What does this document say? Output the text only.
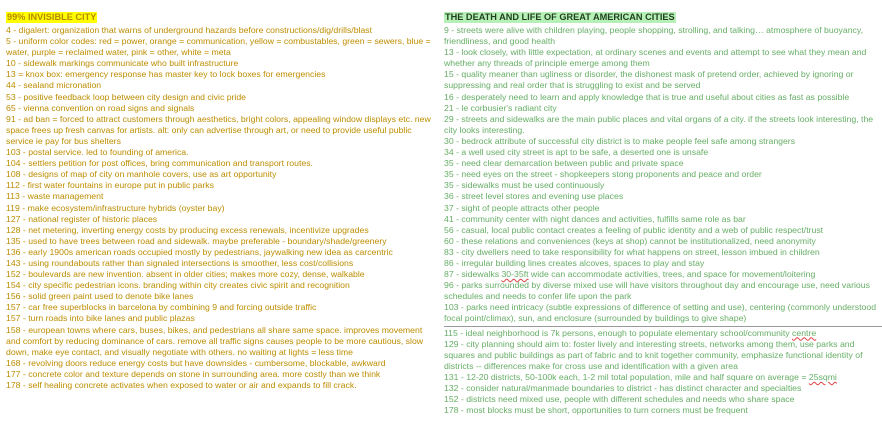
99% INVISIBLE CITY
4 - digalert: organization that warns of underground hazards before constructions/dig/drills/blast
5 - uniform color codes: red = power, orange = communication, yellow = combustables, green = sewers, blue = water, purple = reclaimed water, pink = other, white = meta
10 - sidewalk markings communicate who built infrastructure
13 = knox box: emergency response has master key to lock boxes for emergencies
44 - sealand micronation
53 - positive feedback loop between city design and civic pride
65 - vienna convention on road signs and signals
91 - ad ban = forced to attract customers through aesthetics, bright colors, appealing window displays etc. new space frees up fresh canvas for artists. alt: only can advertise through art, or need to provide useful public service ie pay for bus shelters
103 - postal service. led to founding of america.
104 - settlers petition for post offices, bring communication and transport routes.
108 - designs of map of city on manhole covers, use as art opportunity
112 - first water fountains in europe put in public parks
113 - waste management
119 - make ecosystem/infrastructure hybrids (oyster bay)
127 - national register of historic places
128 - net metering, inverting energy costs by producing excess renewals, incentivize upgrades
135 - used to have trees between road and sidewalk. maybe preferable - boundary/shade/greenery
136 - early 1900s american roads occupied mostly by pedestrians, jaywalking new idea as carcentric
143 - using roundabouts rather than signaled intersections is smoother, less cost/collisions
152 - boulevards are new invention. absent in older cities; makes more cozy, dense, walkable
154 - city specific pedestrian icons. branding within city creates civic spirit and recognition
156 - solid green paint used to denote bike lanes
157 - car free superblocks in barcelona by combining 9 and forcing outside traffic
157 - turn roads into bike lanes and public plazas
158 - european towns where cars, buses, bikes, and pedestrians all share same space. improves movement and comfort by reducing dominance of cars. remove all traffic signs causes people to be more cautious, slow down, make eye contact, and visually negotiate with others. no waiting at lights = less time
168 - revolving doors reduce energy costs but have downsides - cumbersome, blockable, awkward
177 - concrete color and texture depends on stone in surrounding area. more costly than we think
178 - self healing concrete activates when exposed to water or air and expands to fill crack.
THE DEATH AND LIFE OF GREAT AMERICAN CITIES
9 - streets were alive with children playing, people shopping, strolling, and talking… atmosphere of buoyancy, friendliness, and good health
13 - look closely, with little expectation, at ordinary scenes and events and attempt to see what they mean and whether any threads of principle emerge among them
15 - quality meaner than ugliness or disorder, the dishonest mask of pretend order, achieved by ignoring or suppressing and real order that is struggling to exist and be served
16 - desperately need to learn and apply knowledge that is true and useful about cities as fast as possible
21 - le corbusier's radiant city
29 - streets and sidewalks are the main public places and vital organs of a city. if the streets look interesting, the city looks interesting.
30 - bedrock attribute of successful city district is to make people feel safe among strangers
34 - a well used city street is apt to be safe, a deserted one is unsafe
35 - need clear demarcation between public and private space
35 - need eyes on the street - shopkeepers stong proponents and peace and order
35 - sidewalks must be used continuously
36 - street level stores and evening use places
37 - sight of people attracts other people
41 - community center with night dances and activities, fulfills same role as bar
56 - casual, local public contact creates a feeling of public identity and a web of public respect/trust
60 - these relations and conveniences (keys at shop) cannot be institutionalized, need anonymity
83 - city dwellers need to take responsibility for what happens on street, lesson imbued in children
86 - irregular building lines creates alcoves, spaces to play and stay
87 - sidewalks 30-35ft wide can accommodate activities, trees, and space for movement/loitering
96 - parks surrounded by diverse mixed use will have visitors throughout day and encourage use, need various schedules and needs to confer life upon the park
103 - parks need intricacy (subtle expressions of difference of setting and use), centering (commonly understood focal point/climax), sun, and enclosure (surrounded by buildings to give shape)
115 - ideal neighborhood is 7k persons, enough to populate elementary school/community centre
129 - city planning should aim to: foster lively and interesting streets, networks among them, use parks and squares and public buildings as part of fabric and to knit together community, emphasize functional identity of districts -- differences make for cross use and identification with a given area
131 - 12-20 districts, 50-100k each, 1-2 mil total population, mile and half square on average = 25sqmi
132 - consider natural/manmade boundaries to district - has distinct character and specialties
152 - districts need mixed use, people with different schedules and needs who share space
178 - most blocks must be short, opportunities to turn corners must be frequent
